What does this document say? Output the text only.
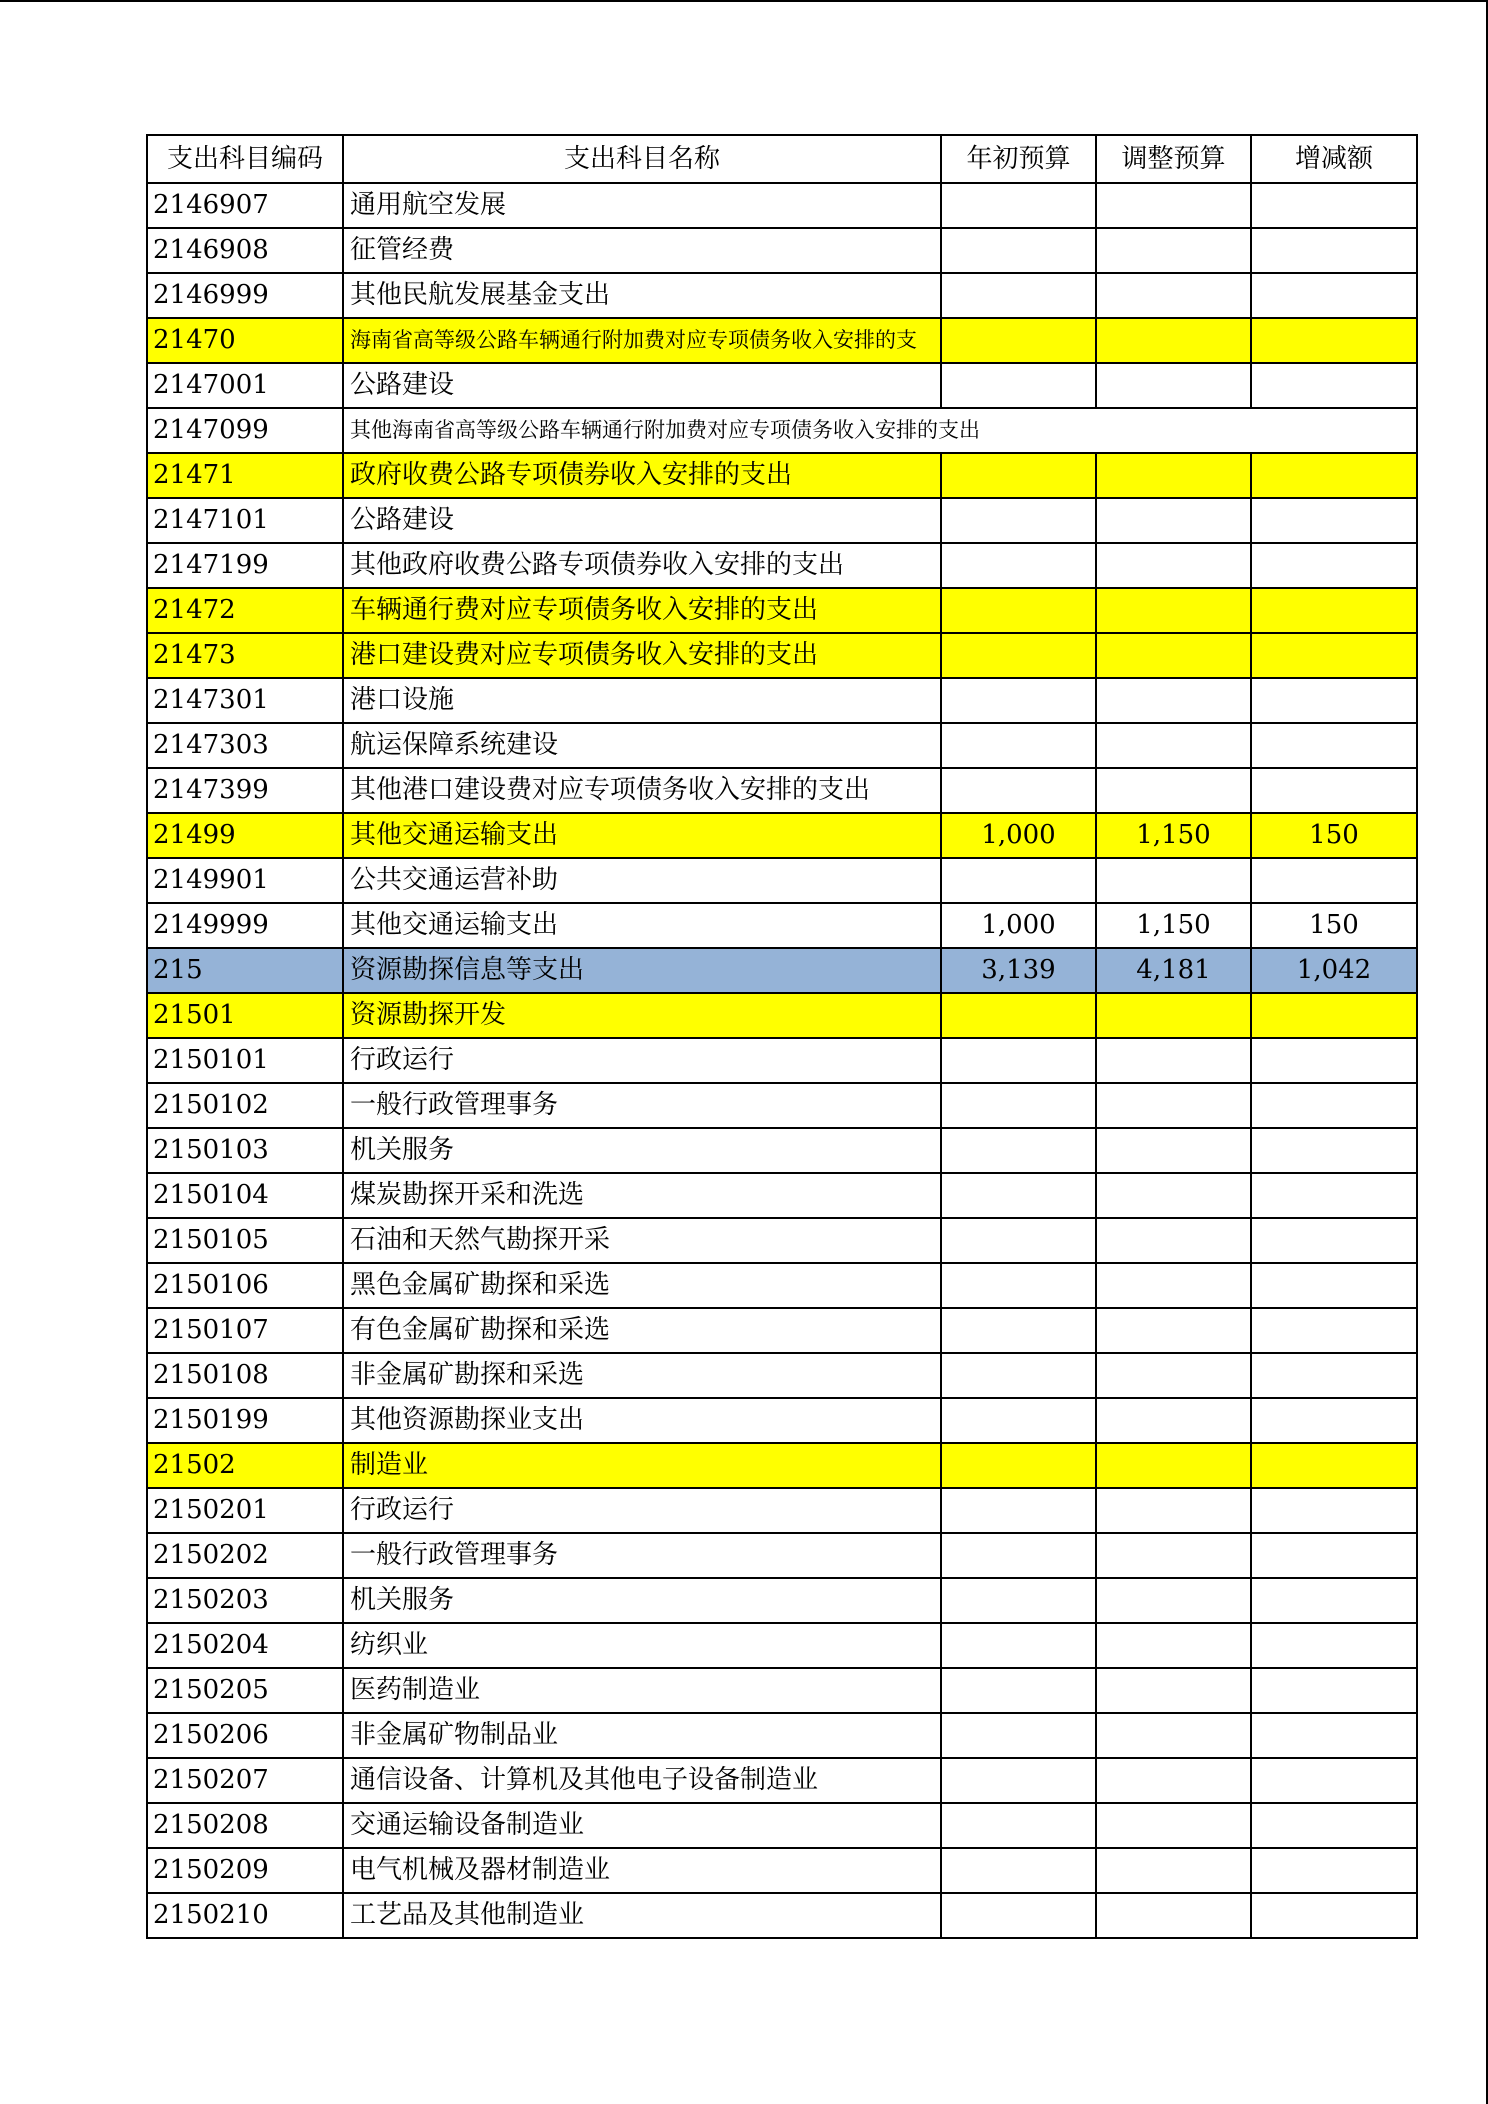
支出科目编码	支出科目名称	年初预算	调整预算	增减额
2146907	通用航空发展			
2146908	征管经费			
2146999	其他民航发展基金支出			
21470	海南省高等级公路车辆通行附加费对应专项债务收入安排的支			
2147001	公路建设			
2147099	其他海南省高等级公路车辆通行附加费对应专项债务收入安排的支出			
21471	政府收费公路专项债券收入安排的支出			
2147101	公路建设			
2147199	其他政府收费公路专项债券收入安排的支出			
21472	车辆通行费对应专项债务收入安排的支出			
21473	港口建设费对应专项债务收入安排的支出			
2147301	港口设施			
2147303	航运保障系统建设			
2147399	其他港口建设费对应专项债务收入安排的支出			
21499	其他交通运输支出	1,000	1,150	150
2149901	公共交通运营补助			
2149999	其他交通运输支出	1,000	1,150	150
215	资源勘探信息等支出	3,139	4,181	1,042
21501	资源勘探开发			
2150101	行政运行			
2150102	一般行政管理事务			
2150103	机关服务			
2150104	煤炭勘探开采和洗选			
2150105	石油和天然气勘探开采			
2150106	黑色金属矿勘探和采选			
2150107	有色金属矿勘探和采选			
2150108	非金属矿勘探和采选			
2150199	其他资源勘探业支出			
21502	制造业			
2150201	行政运行			
2150202	一般行政管理事务			
2150203	机关服务			
2150204	纺织业			
2150205	医药制造业			
2150206	非金属矿物制品业			
2150207	通信设备、计算机及其他电子设备制造业			
2150208	交通运输设备制造业			
2150209	电气机械及器材制造业			
2150210	工艺品及其他制造业			
